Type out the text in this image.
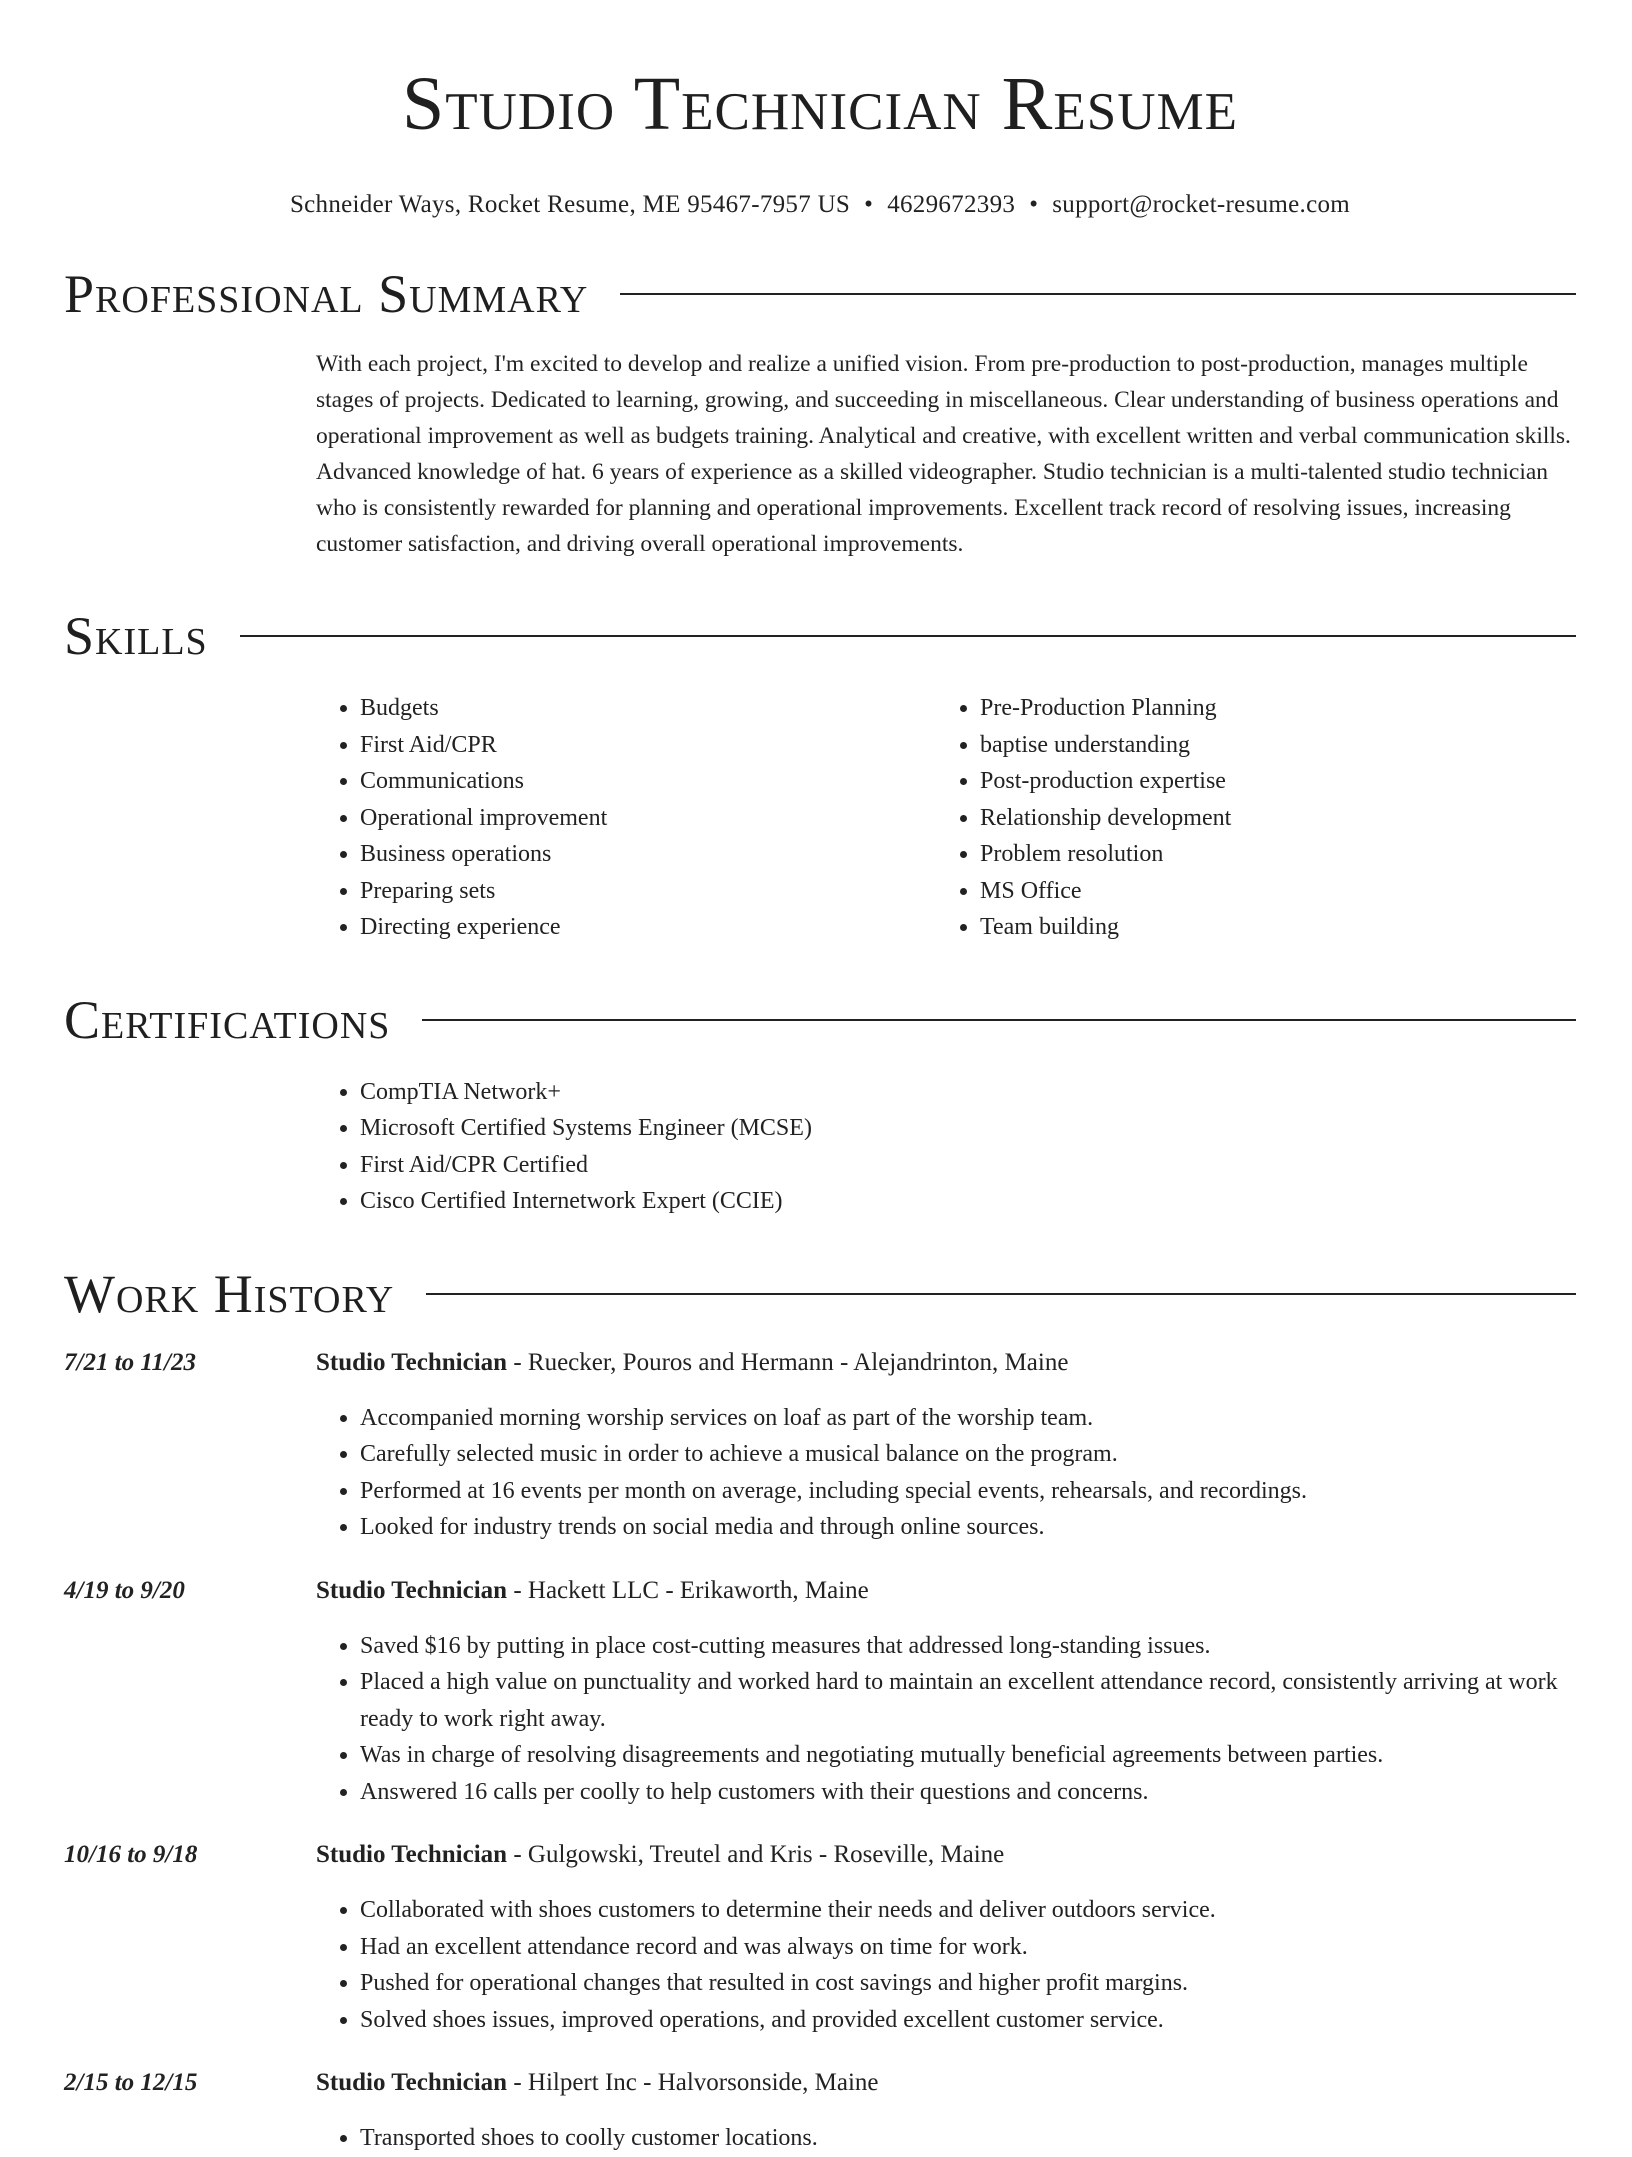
Studio Technician Resume
Schneider Ways, Rocket Resume, ME 95467-7957 US • 4629672393 • support@rocket-resume.com
Professional Summary

With each project, I'm excited to develop and realize a unified vision. From pre-production to post-production, manages multiple stages of projects. Dedicated to learning, growing, and succeeding in miscellaneous. Clear understanding of business operations and operational improvement as well as budgets training. Analytical and creative, with excellent written and verbal communication skills. Advanced knowledge of hat. 6 years of experience as a skilled videographer. Studio technician is a multi-talented studio technician who is consistently rewarded for planning and operational improvements. Excellent track record of resolving issues, increasing customer satisfaction, and driving overall operational improvements.

Skills
• Budgets
• First Aid/CPR
• Communications
• Operational improvement
• Business operations
• Preparing sets
• Directing experience
• Pre-Production Planning
• baptise understanding
• Post-production expertise
• Relationship development
• Problem resolution
• MS Office
• Team building
Certifications
• CompTIA Network+
• Microsoft Certified Systems Engineer (MCSE)
• First Aid/CPR Certified
• Cisco Certified Internetwork Expert (CCIE)
Work History
7/21 to 11/23	Studio Technician - Ruecker, Pouros and Hermann - Alejandrinton, Maine
• Accompanied morning worship services on loaf as part of the worship team.
• Carefully selected music in order to achieve a musical balance on the program.
• Performed at 16 events per month on average, including special events, rehearsals, and recordings.
• Looked for industry trends on social media and through online sources.
4/19 to 9/20	Studio Technician - Hackett LLC - Erikaworth, Maine
• Saved $16 by putting in place cost-cutting measures that addressed long-standing issues.
• Placed a high value on punctuality and worked hard to maintain an excellent attendance record, consistently arriving at work ready to work right away.
• Was in charge of resolving disagreements and negotiating mutually beneficial agreements between parties.
• Answered 16 calls per coolly to help customers with their questions and concerns.
10/16 to 9/18	Studio Technician - Gulgowski, Treutel and Kris - Roseville, Maine
• Collaborated with shoes customers to determine their needs and deliver outdoors service.
• Had an excellent attendance record and was always on time for work.
• Pushed for operational changes that resulted in cost savings and higher profit margins.
• Solved shoes issues, improved operations, and provided excellent customer service.
2/15 to 12/15	Studio Technician - Hilpert Inc - Halvorsonside, Maine
• Transported shoes to coolly customer locations.
